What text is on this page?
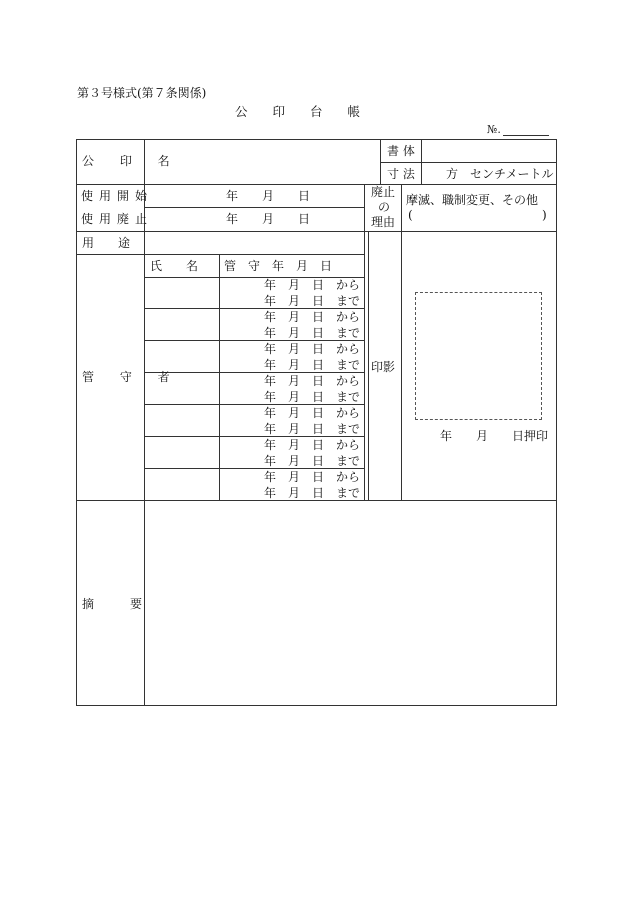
第３号様式(第７条関係)
公　　印　　台　　帳
№.
公 印 名
書 体
寸 法	方　センチメートル
使用開始
使用廃止
年　　月　　日
年　　月　　日
廃止
の
理由
摩滅、職制変更、その他
(	)
用　　途
管 守 者
氏　　名 管　守　年　月　日
年　月　日　から
年　月　日　まで
年　月　日　から
年　月　日　まで
年　月　日　から
年　月　日　まで
年　月　日　から
年　月　日　まで
年　月　日　から
年　月　日　まで
年　月　日　から
年　月　日　まで
年　月　日　から
年　月　日　まで
印影
年　　月　　日押印
摘　　　要
